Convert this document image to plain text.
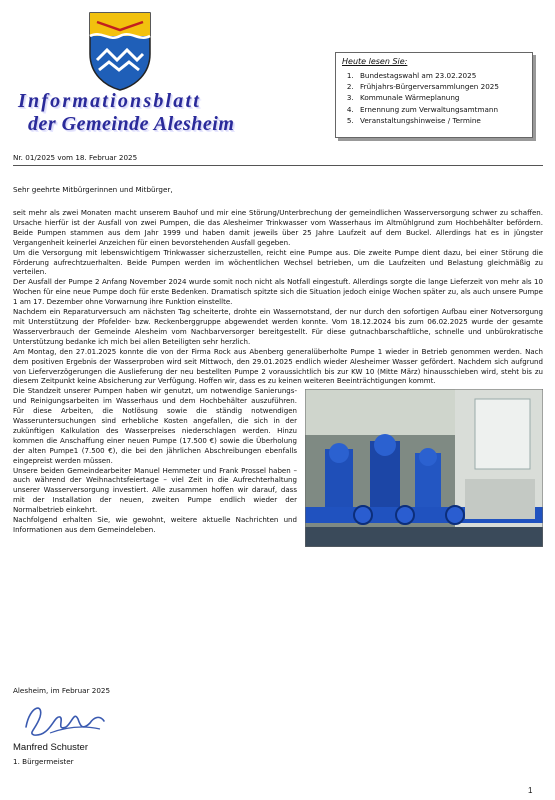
Informationsblatt
der Gemeinde Alesheim
Heute lesen Sie:
1. Bundestagswahl am 23.02.2025
2. Frühjahrs-Bürgerversammlungen 2025
3. Kommunale Wärmeplanung
4. Ernennung zum Verwaltungsamtmann
5. Veranstaltungshinweise / Termine
Nr. 01/2025 vom 18. Februar 2025
Sehr geehrte Mitbürgerinnen und Mitbürger,

seit mehr als zwei Monaten macht unserem Bauhof und mir eine Störung/Unterbrechung der gemeindlichen Wasserversorgung schwer zu schaffen. Ursache hierfür ist der Ausfall von zwei Pumpen, die das Alesheimer Trinkwasser vom Wasserhaus im Altmühlgrund zum Hochbehälter befördern. Beide Pumpen stammen aus dem Jahr 1999 und haben damit jeweils über 25 Jahre Laufzeit auf dem Buckel. Allerdings hat es in jüngster Vergangenheit keinerlei Anzeichen für einen bevorstehenden Ausfall gegeben.

Um die Versorgung mit lebenswichtigem Trinkwasser sicherzustellen, reicht eine Pumpe aus. Die zweite Pumpe dient dazu, bei einer Störung die Förderung aufrechtzuerhalten. Beide Pumpen werden im wöchentlichen Wechsel betrieben, um die Laufzeiten und Belastung gleichmäßig zu verteilen.

Der Ausfall der Pumpe 2 Anfang November 2024 wurde somit noch nicht als Notfall eingestuft. Allerdings sorgte die lange Lieferzeit von mehr als 10 Wochen für eine neue Pumpe doch für erste Bedenken. Dramatisch spitzte sich die Situation jedoch einige Wochen später zu, als auch unsere Pumpe 1 am 17. Dezember ohne Vorwarnung ihre Funktion einstellte.

Nachdem ein Reparaturversuch am nächsten Tag scheiterte, drohte ein Wassernotstand, der nur durch den sofortigen Aufbau einer Notversorgung mit Unterstützung der Pfofelder- bzw. Reckenberggruppe abgewendet werden konnte. Vom 18.12.2024 bis zum 06.02.2025 wurde der gesamte Wasserverbrauch der Gemeinde Alesheim vom Nachbarversorger bereitgestellt. Für diese gutnachbarschaftliche, schnelle und unbürokratische Unterstützung bedanke ich mich bei allen Beteiligten sehr herzlich.

Am Montag, den 27.01.2025 konnte die von der Firma Rock aus Abenberg generalüberholte Pumpe 1 wieder in Betrieb genommen werden. Nach dem positiven Ergebnis der Wasserproben wird seit Mittwoch, den 29.01.2025 endlich wieder Alesheimer Wasser gefördert. Nachdem sich aufgrund von Lieferverzögerungen die Auslieferung der neu bestellten Pumpe 2 voraussichtlich bis zur KW 10 (Mitte März) hinausschieben wird, steht bis zu diesem Zeitpunkt keine Absicherung zur Verfügung. Hoffen wir, dass es zu keinen weiteren Beeinträchtigungen kommt.

Die Standzeit unserer Pumpen haben wir genutzt, um notwendige Sanierungs- und Reinigungsarbeiten im Wasserhaus und dem Hochbehälter auszuführen. Für diese Arbeiten, die Notlösung sowie die ständig notwendigen Wasseruntersuchungen sind erhebliche Kosten angefallen, die sich in der zukünftigen Kalkulation des Wasserpreises niederschlagen werden. Hinzu kommen die Anschaffung einer neuen Pumpe (17.500 €) sowie die Überholung der alten Pumpe1 (7.500 €), die bei den jährlichen Abschreibungen ebenfalls eingepreist werden müssen.

Unsere beiden Gemeindearbeiter Manuel Hemmeter und Frank Prossel haben – auch während der Weihnachtsfeiertage – viel Zeit in die Aufrechterhaltung unserer Wasserversorgung investiert. Alle zusammen hoffen wir darauf, dass mit der Installation der neuen, zweiten Pumpe endlich wieder der Normalbetrieb einkehrt.

Nachfolgend erhalten Sie, wie gewohnt, weitere aktuelle Nachrichten und Informationen aus dem Gemeindeleben.

Alesheim, im Februar 2025
Manfred Schuster
1. Bürgermeister
1
